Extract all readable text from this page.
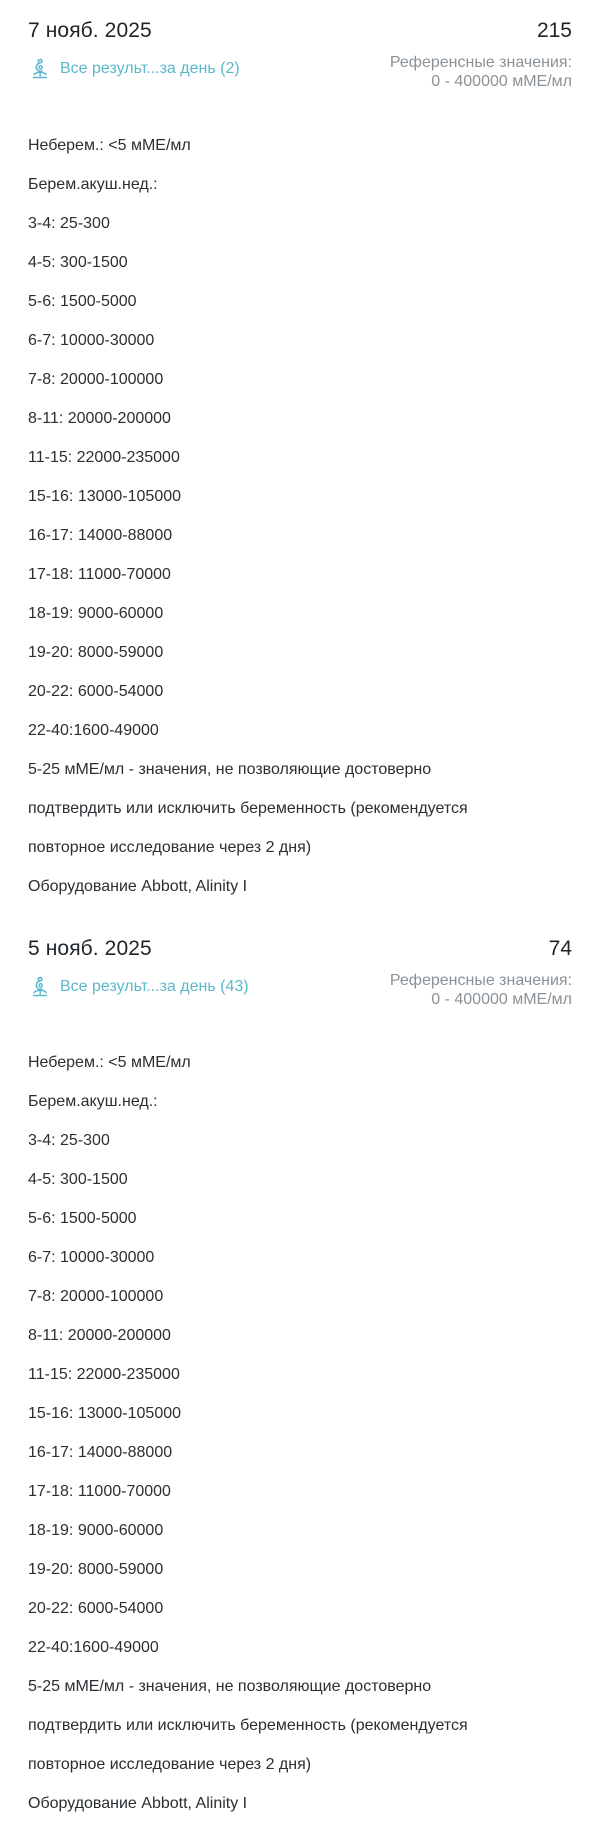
7 нояб. 2025	215
Все результ...за день (2)	Референсные значения:
0 - 400000 мМЕ/мл

Неберем.: <5 мМЕ/мл

Берем.акуш.нед.:

3-4: 25-300

4-5: 300-1500

5-6: 1500-5000

6-7: 10000-30000

7-8: 20000-100000

8-11: 20000-200000

11-15: 22000-235000

15-16: 13000-105000

16-17: 14000-88000

17-18: 11000-70000

18-19: 9000-60000

19-20: 8000-59000

20-22: 6000-54000

22-40:1600-49000

5-25 мМЕ/мл - значения, не позволяющие достоверно

подтвердить или исключить беременность (рекомендуется

повторное исследование через 2 дня)

Оборудование Abbott, Alinity I

5 нояб. 2025	74
Все результ...за день (43)	Референсные значения:
0 - 400000 мМЕ/мл

Неберем.: <5 мМЕ/мл

Берем.акуш.нед.:

3-4: 25-300

4-5: 300-1500

5-6: 1500-5000

6-7: 10000-30000

7-8: 20000-100000

8-11: 20000-200000

11-15: 22000-235000

15-16: 13000-105000

16-17: 14000-88000

17-18: 11000-70000

18-19: 9000-60000

19-20: 8000-59000

20-22: 6000-54000

22-40:1600-49000

5-25 мМЕ/мл - значения, не позволяющие достоверно

подтвердить или исключить беременность (рекомендуется

повторное исследование через 2 дня)

Оборудование Abbott, Alinity I
